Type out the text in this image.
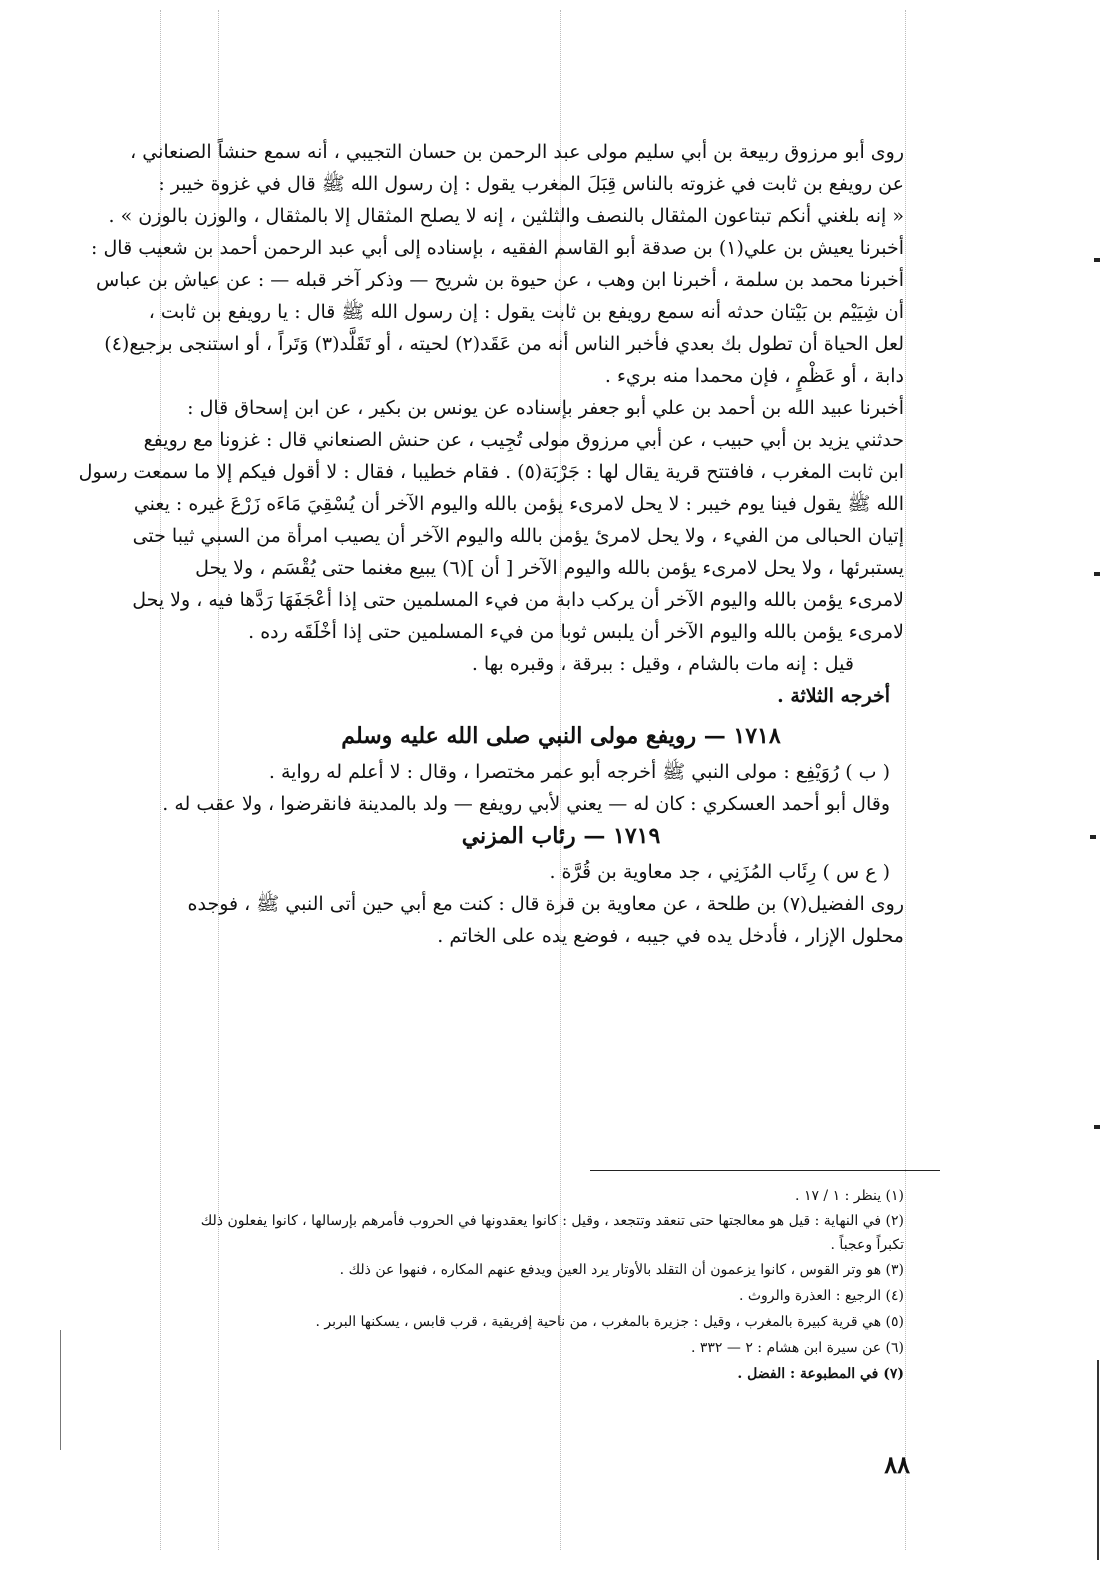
روى أبو مرزوق ربيعة بن أبي سليم مولى عبد الرحمن بن حسان التجيبي ، أنه سمع حنشاً الصنعاني ،
عن رويفع بن ثابت في غزوته بالناس قِبَلَ المغرب يقول : إن رسول الله ﷺ قال في غزوة خيبر :
« إنه بلغني أنكم تبتاعون المثقال بالنصف والثلثين ، إنه لا يصلح المثقال إلا بالمثقال ، والوزن بالوزن » .
أخبرنا يعيش بن علي(١) بن صدقة أبو القاسم الفقيه ، بإسناده إلى أبي عبد الرحمن أحمد بن شعيب قال :
أخبرنا محمد بن سلمة ، أخبرنا ابن وهب ، عن حيوة بن شريح — وذكر آخر قبله — : عن عياش بن عباس
أن شِيَيْم بن بَيْتان حدثه أنه سمع رويفع بن ثابت يقول : إن رسول الله ﷺ قال : يا رويفع بن ثابت ،
لعل الحياة أن تطول بك بعدي فأخبر الناس أنه من عَقَد(٢) لحيته ، أو تَقَلَّد(٣) وَتَراً ، أو استنجى برجيع(٤)
دابة ، أو عَظْمٍ ، فإن محمدا منه بريء .
أخبرنا عبيد الله بن أحمد بن علي أبو جعفر بإسناده عن يونس بن بكير ، عن ابن إسحاق قال :
حدثني يزيد بن أبي حبيب ، عن أبي مرزوق مولى تُجِيب ، عن حنش الصنعاني قال : غزونا مع رويفع
ابن ثابت المغرب ، فافتتح قرية يقال لها : جَرْبَة(٥) . فقام خطيبا ، فقال : لا أقول فيكم إلا ما سمعت رسول
الله ﷺ يقول فينا يوم خيبر : لا يحل لامرىء يؤمن بالله واليوم الآخر أن يُسْقِيَ مَاءَه زَرْعَ غيره : يعني
إتيان الحبالى من الفيء ، ولا يحل لامرئ يؤمن بالله واليوم الآخر أن يصيب امرأة من السبي ثيبا حتى
يستبرئها ، ولا يحل لامرىء يؤمن بالله واليوم الآخر [ أن ](٦) يبيع مغنما حتى يُقْسَم ، ولا يحل
لامرىء يؤمن بالله واليوم الآخر أن يركب دابة من فيء المسلمين حتى إذا أعْجَفَهَا رَدَّها فيه ، ولا يحل
لامرىء يؤمن بالله واليوم الآخر أن يلبس ثوبا من فيء المسلمين حتى إذا أخْلَقَه رده .
قيل : إنه مات بالشام ، وقيل : ببرقة ، وقبره بها .
أخرجه الثلاثة .
١٧١٨ — رويفع مولى النبي صلى الله عليه وسلم
( ب ) رُوَيْفِع : مولى النبي ﷺ أخرجه أبو عمر مختصرا ، وقال : لا أعلم له رواية .
وقال أبو أحمد العسكري : كان له — يعني لأبي رويفع — ولد بالمدينة فانقرضوا ، ولا عقب له .
١٧١٩ — رئاب المزني
( ع س ) رِئَاب المُزَنِي ، جد معاوية بن قُرَّة .
روى الفضيل(٧) بن طلحة ، عن معاوية بن قرة قال : كنت مع أبي حين أتى النبي ﷺ ، فوجده
محلول الإزار ، فأدخل يده في جيبه ، فوضع يده على الخاتم .

(١) ينظر : ١ / ١٧ .

(٢) في النهاية : قيل هو معالجتها حتى تنعقد وتتجعد ، وقيل : كانوا يعقدونها في الحروب فأمرهم بإرسالها ، كانوا يفعلون ذلك تكبراً وعجباً .

(٣) هو وتر القوس ، كانوا يزعمون أن التقلد بالأوتار يرد العين ويدفع عنهم المكاره ، فنهوا عن ذلك .

(٤) الرجيع : العذرة والروث .

(٥) هي قرية كبيرة بالمغرب ، وقيل : جزيرة بالمغرب ، من ناحية إفريقية ، قرب قابس ، يسكنها البربر .

(٦) عن سيرة ابن هشام : ٢ — ٣٣٢ .

(٧) في المطبوعة : الفضل .

٨٨
